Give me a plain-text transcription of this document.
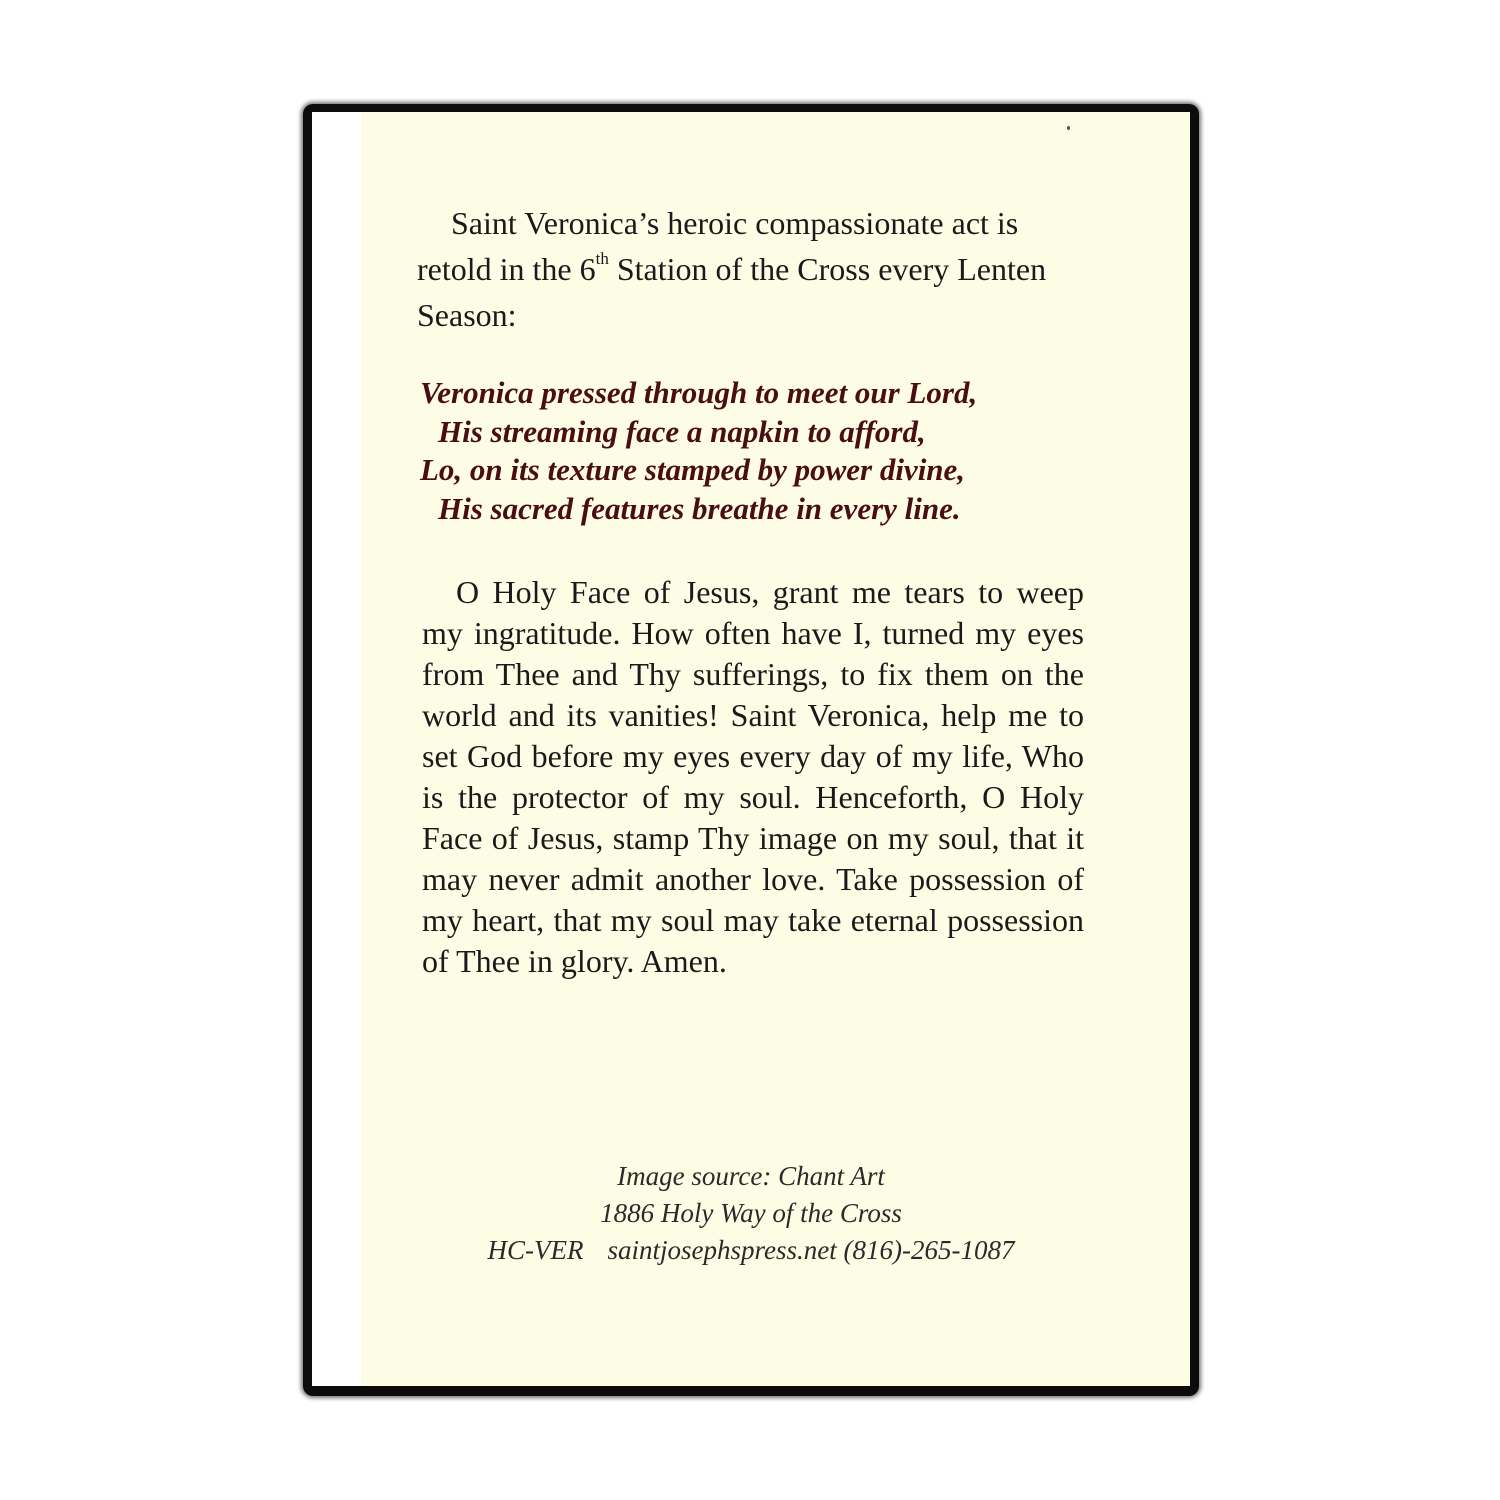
Saint Veronica’s heroic compassionate act is retold in the 6th Station of the Cross every Lenten Season:

Veronica pressed through to meet our Lord,
His streaming face a napkin to afford,
Lo, on its texture stamped by power divine,
His sacred features breathe in every line.

O Holy Face of Jesus, grant me tears to weep my ingratitude. How often have I, turned my eyes from Thee and Thy sufferings, to fix them on the world and its vanities! Saint Veronica, help me to set God before my eyes every day of my life, Who is the protector of my soul. Henceforth, O Holy Face of Jesus, stamp Thy image on my soul, that it may never admit another love. Take possession of my heart, that my soul may take eternal possession of Thee in glory. Amen.

Image source: Chant Art
1886 Holy Way of the Cross
HC-VER saintjosephspress.net (816)-265-1087
